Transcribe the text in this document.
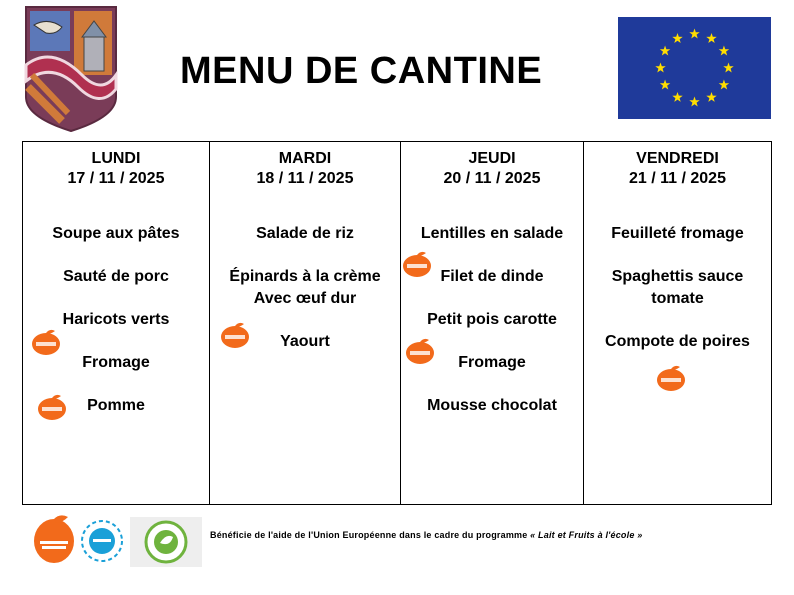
MENU DE CANTINE
LUNDI
17 / 11 / 2025
Soupe aux pâtes
Sauté de porc
Haricots verts
Fromage
Pomme
MARDI
18 / 11 / 2025
Salade de riz
Épinards à la crème
Avec œuf dur
Yaourt
JEUDI
20 / 11 / 2025
Lentilles en salade
Filet de dinde
Petit pois carotte
Fromage
Mousse chocolat
VENDREDI
21 / 11 / 2025
Feuilleté fromage
Spaghettis sauce
tomate
Compote de poires
Bénéficie de l'aide de l'Union Européenne dans le cadre du programme « Lait et Fruits à l'école »
